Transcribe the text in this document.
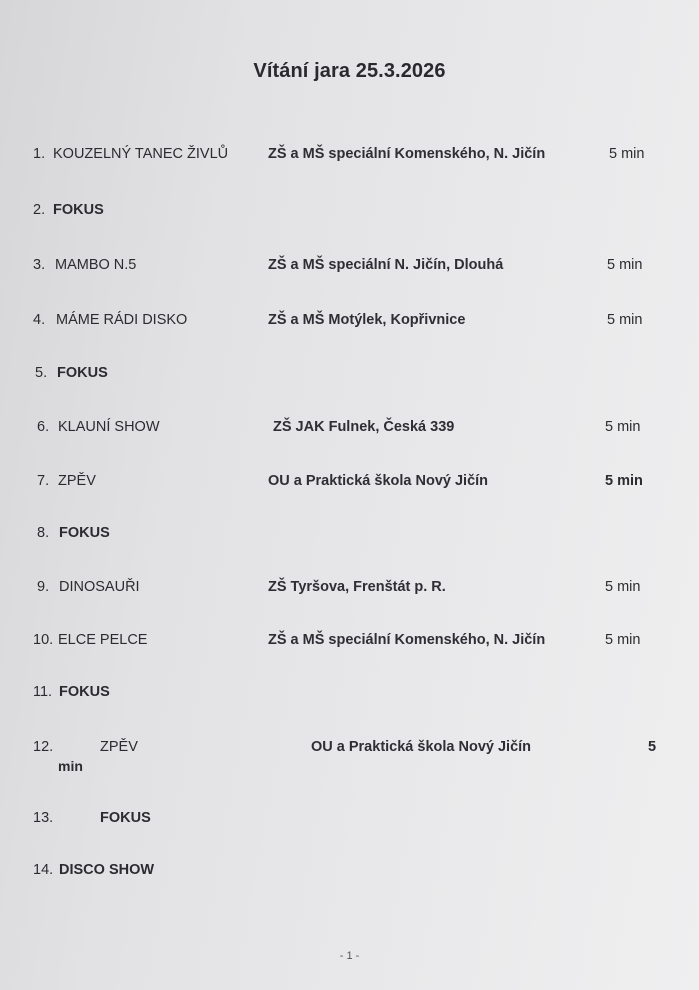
Vítání jara 25.3.2026
1. KOUZELNÝ TANEC ŽIVLŮ	ZŠ a MŠ speciální Komenského, N. Jičín	5 min
2. FOKUS
3. MAMBO N.5	ZŠ a MŠ speciální N. Jičín, Dlouhá	5 min
4. MÁME RÁDI DISKO	ZŠ a MŠ Motýlek, Kopřivnice	5 min
5. FOKUS
6. KLAUNÍ SHOW	ZŠ JAK Fulnek, Česká 339	5 min
7. ZPĚV	OU a Praktická škola Nový Jičín	5 min
8. FOKUS
9. DINOSAUŘI	ZŠ Tyršova, Frenštát p. R.	5 min
10. ELCE PELCE	ZŠ a MŠ speciální Komenského, N. Jičín	5 min
11. FOKUS
12.	ZPĚV	OU a Praktická škola Nový Jičín	5
min
13.	FOKUS
14. DISCO SHOW
- 1 -
